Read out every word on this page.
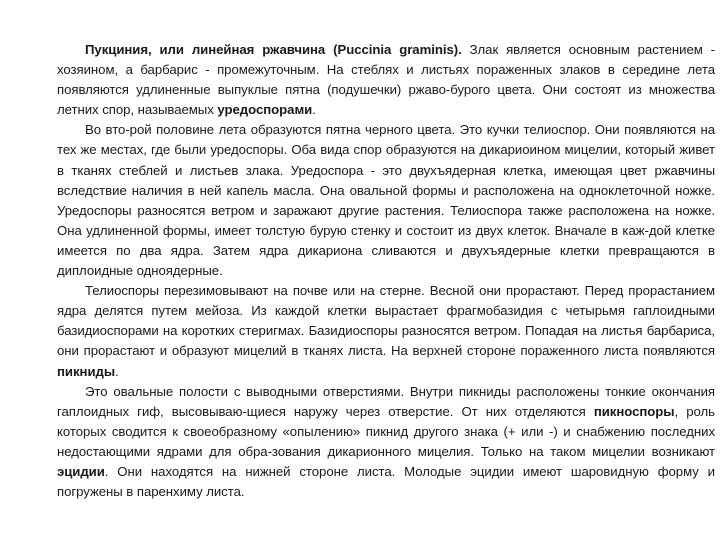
Пукциния, или линейная ржавчина (Puccinia graminis). Злак является основным растением - хозяином, а барбарис - промежуточным. На стеблях и листьях пораженных злаков в середине лета появляются удлиненные выпуклые пятна (подушечки) ржаво-бурого цвета. Они состоят из множества летних спор, называемых уредоспорами.

Во вто-рой половине лета образуются пятна черного цвета. Это кучки телиоспор. Они появляются на тех же местах, где были уредоспоры. Оба вида спор образуются на дикариоином мицелии, который живет в тканях стеблей и листьев злака. Уредоспора - это двухъядерная клетка, имеющая цвет ржавчины вследствие наличия в ней капель масла. Она овальной формы и расположена на одноклеточной ножке. Уредоспоры разносятся ветром и заражают другие растения. Телиоспора также расположена на ножке. Она удлиненной формы, имеет толстую бурую стенку и состоит из двух клеток. Вначале в каж-дой клетке имеется по два ядра. Затем ядра дикариона сливаются и двухъядерные клетки превращаются в диплоидные одноядерные.

Телиоспоры перезимовывают на почве или на стерне. Весной они прорастают. Перед прорастанием ядра делятся путем мейоза. Из каждой клетки вырастает фрагмобазидия с четырьмя гаплоидными базидиоспорами на коротких стеригмах. Базидиоспоры разносятся ветром. Попадая на листья барбариса, они прорастают и образуют мицелий в тканях листа. На верхней стороне пораженного листа появляются пикниды.

Это овальные полости с выводными отверстиями. Внутри пикниды расположены тонкие окончания гаплоидных гиф, высовываю-щиеся наружу через отверстие. От них отделяются пикноспоры, роль которых сводится к своеобразному «опылению» пикнид другого знака (+ или -) и снабжению последних недостающими ядрами для обра-зования дикарионного мицелия. Только на таком мицелии возникают эцидии. Они находятся на нижней стороне листа. Молодые эцидии имеют шаровидную форму и погружены в паренхиму листа.
